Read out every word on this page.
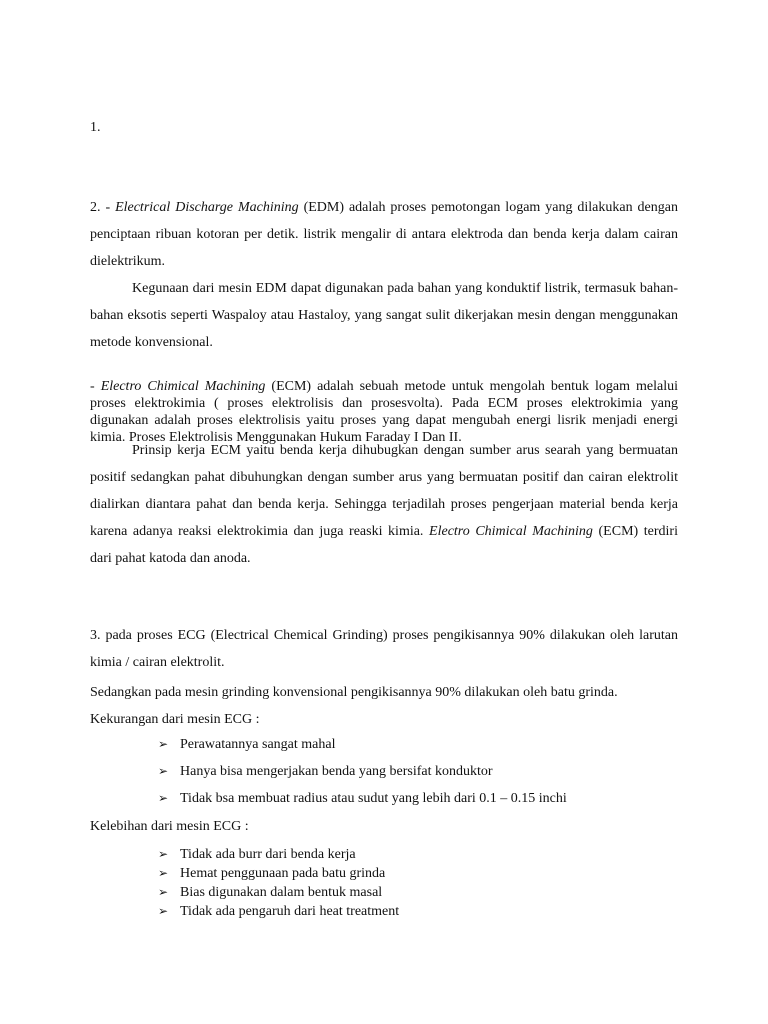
1.

2. - Electrical Discharge Machining (EDM) adalah proses pemotongan logam yang dilakukan dengan penciptaan ribuan kotoran per detik. listrik mengalir di antara elektroda dan benda kerja dalam cairan dielektrikum.

Kegunaan dari mesin EDM dapat digunakan pada bahan yang konduktif listrik, termasuk bahan-bahan eksotis seperti Waspaloy atau Hastaloy, yang sangat sulit dikerjakan mesin dengan menggunakan metode konvensional.

- Electro Chimical Machining (ECM) adalah sebuah metode untuk mengolah bentuk logam melalui proses elektrokimia ( proses elektrolisis dan prosesvolta). Pada ECM proses elektrokimia yang digunakan adalah proses elektrolisis yaitu proses yang dapat mengubah energi lisrik menjadi energi kimia. Proses Elektrolisis Menggunakan Hukum Faraday I Dan II.

Prinsip kerja ECM yaitu benda kerja dihubugkan dengan sumber arus searah yang bermuatan positif sedangkan pahat dibuhungkan dengan sumber arus yang bermuatan positif dan cairan elektrolit dialirkan diantara pahat dan benda kerja. Sehingga terjadilah proses pengerjaan material benda kerja karena adanya reaksi elektrokimia dan juga reaski kimia. Electro Chimical Machining (ECM) terdiri dari pahat katoda dan anoda.

3. pada proses ECG (Electrical Chemical Grinding) proses pengikisannya 90% dilakukan oleh larutan kimia / cairan elektrolit.

Sedangkan pada mesin grinding konvensional pengikisannya 90% dilakukan oleh batu grinda.

Kekurangan dari mesin ECG :

➢ Perawatannya sangat mahal
➢ Hanya bisa mengerjakan benda yang bersifat konduktor
➢ Tidak bsa membuat radius atau sudut yang lebih dari 0.1 – 0.15 inchi

Kelebihan dari mesin ECG :

➢ Tidak ada burr dari benda kerja
➢ Hemat penggunaan pada batu grinda
➢ Bias digunakan dalam bentuk masal
➢ Tidak ada pengaruh dari heat treatment
